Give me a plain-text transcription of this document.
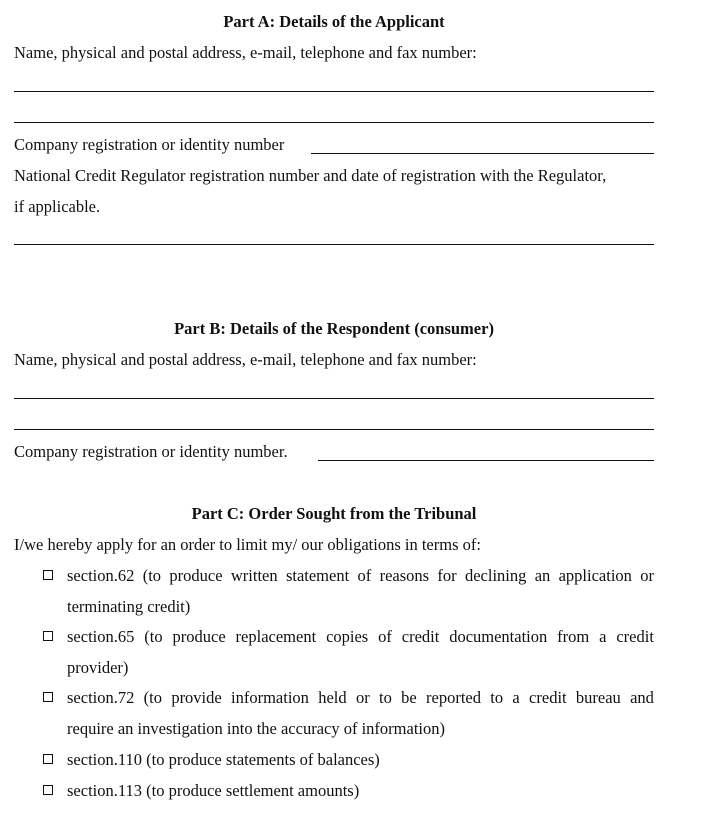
Part A: Details of the Applicant
Name, physical and postal address, e-mail, telephone and fax number:
Company registration or identity number
National Credit Regulator registration number and date of registration with the Regulator,
if applicable.
Part B: Details of the Respondent (consumer)
Name, physical and postal address, e-mail, telephone and fax number:
Company registration or identity number.
Part C: Order Sought from the Tribunal
I/we hereby apply for an order to limit my/ our obligations in terms of:
section.62 (to produce written statement of reasons for declining an application or
terminating credit)
section.65 (to produce replacement copies of credit documentation from a credit
provider)
section.72 (to provide information held or to be reported to a credit bureau and
require an investigation into the accuracy of information)
section.110 (to produce statements of balances)
section.113 (to produce settlement amounts)
